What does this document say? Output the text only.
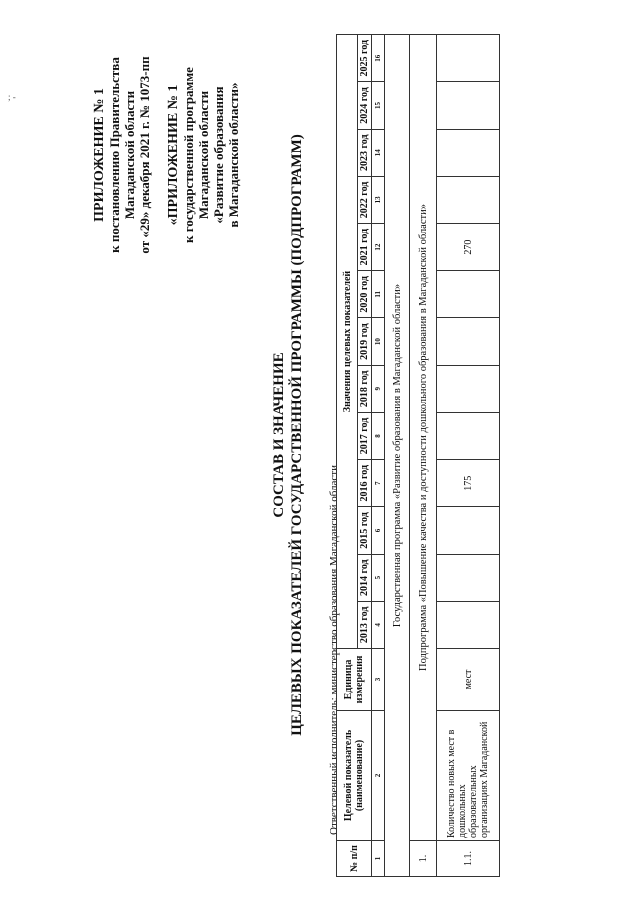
; -	ПРИЛОЖЕНИЕ № 1 к постановлению Правительства Магаданской области от «29» декабря 2021 г. № 1073-пп «ПРИЛОЖЕНИЕ № 1 к государственной программе Магаданской области «Развитие образования в Магаданской области»

СОСТАВ И ЗНАЧЕНИЕ ЦЕЛЕВЫХ ПОКАЗАТЕЛЕЙ ГОСУДАРСТВЕННОЙ ПРОГРАММЫ (ПОДПРОГРАММ) Ответственный исполнитель: министерство образования Магаданской области
№ п/п	Целевой показатель (наименование)	Единица измерения	Значения целевых показателей												
			2013 год	2014 год	2015 год	2016 год	2017 год	2018 год	2019 год	2020 год	2021 год	2022 год	2023 год	2024 год	2025 год
1	2	3	4	5	6	7	8	9	10	11	12	13	14	15	16
Государственная программа «Развитие образования в Магаданской области»															
1.	Подпрограмма «Повышение качества и доступности дошкольного образования в Магаданской области»														
1.1.	Количество новых мест в дошкольных образовательных организациях Магаданской	мест				175					270				
